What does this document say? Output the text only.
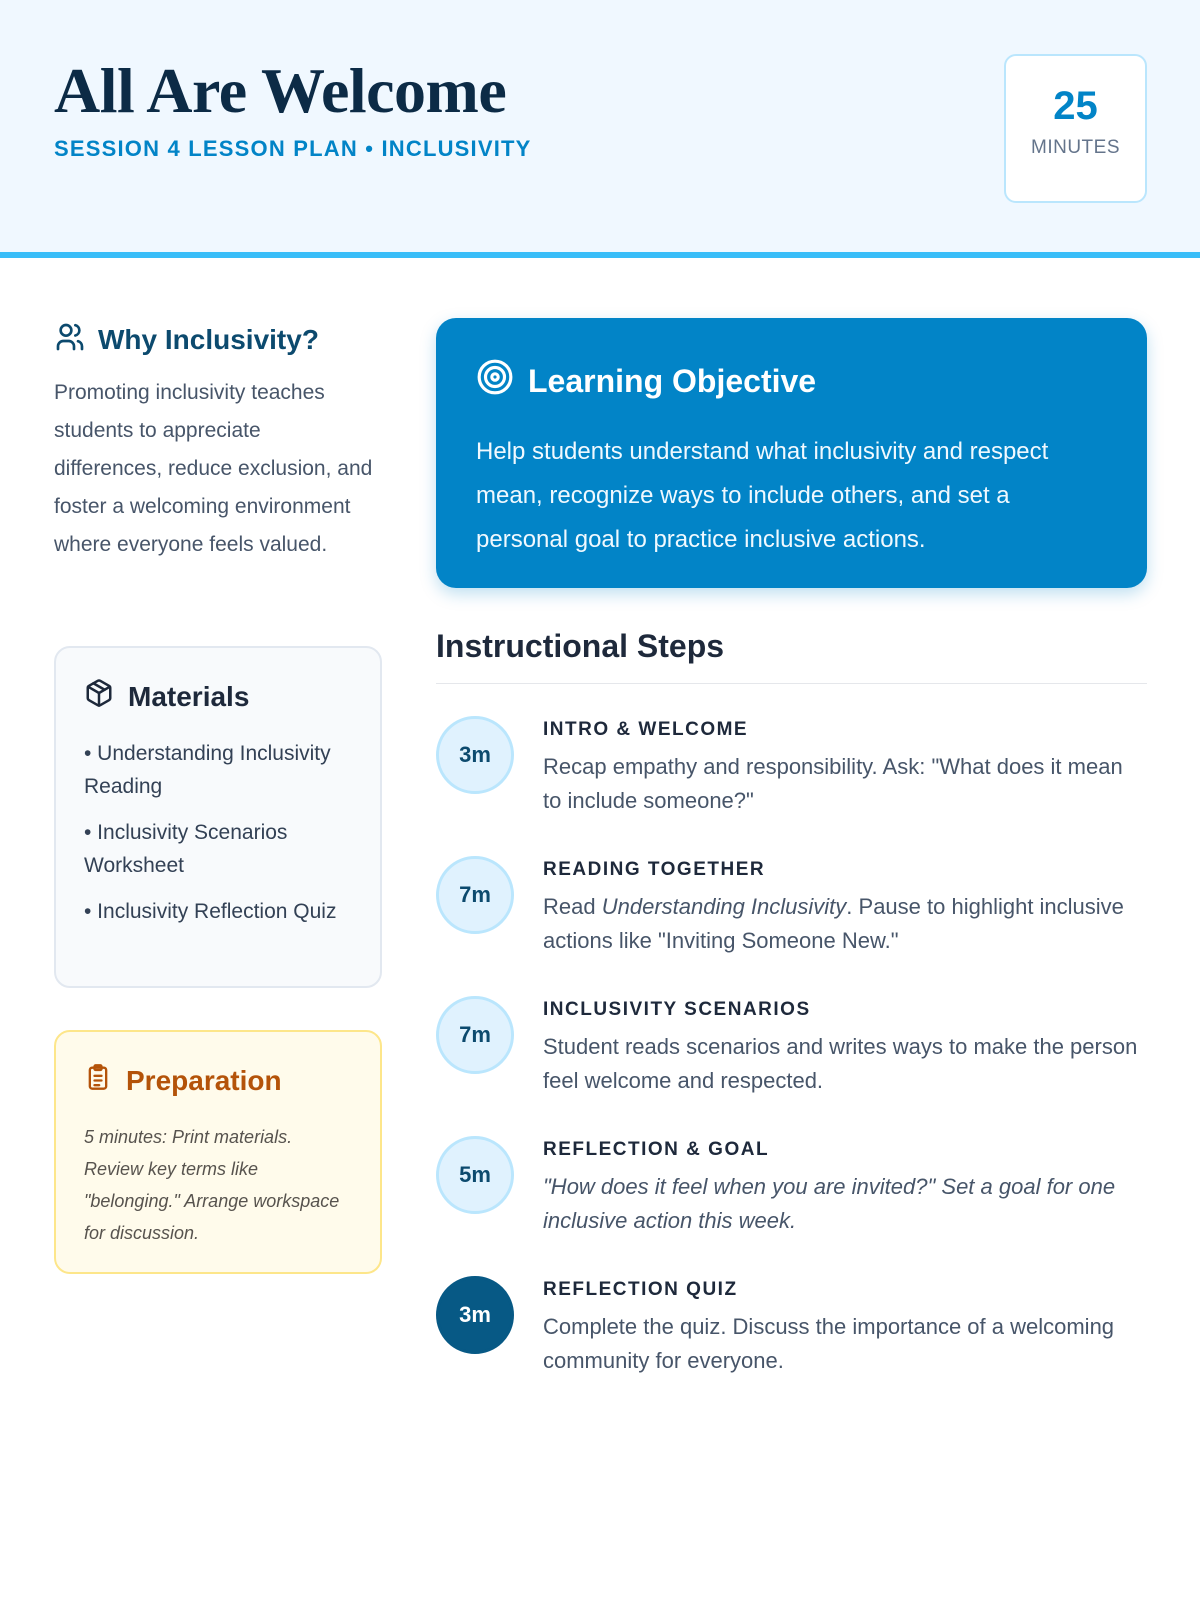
All Are Welcome
SESSION 4 LESSON PLAN • INCLUSIVITY
25
MINUTES
Why Inclusivity?

Promoting inclusivity teaches students to appreciate differences, reduce exclusion, and foster a welcoming environment where everyone feels valued.

Materials
• Understanding Inclusivity Reading
• Inclusivity Scenarios Worksheet
• Inclusivity Reflection Quiz
Preparation

5 minutes: Print materials. Review key terms like "belonging." Arrange workspace for discussion.

Learning Objective

Help students understand what inclusivity and respect mean, recognize ways to include others, and set a personal goal to practice inclusive actions.

Instructional Steps
3m
INTRO & WELCOME

Recap empathy and responsibility. Ask: "What does it mean to include someone?"

7m
READING TOGETHER

Read Understanding Inclusivity. Pause to highlight inclusive actions like "Inviting Someone New."

7m
INCLUSIVITY SCENARIOS

Student reads scenarios and writes ways to make the person feel welcome and respected.

5m
REFLECTION & GOAL

"How does it feel when you are invited?" Set a goal for one inclusive action this week.

3m
REFLECTION QUIZ

Complete the quiz. Discuss the importance of a welcoming community for everyone.
